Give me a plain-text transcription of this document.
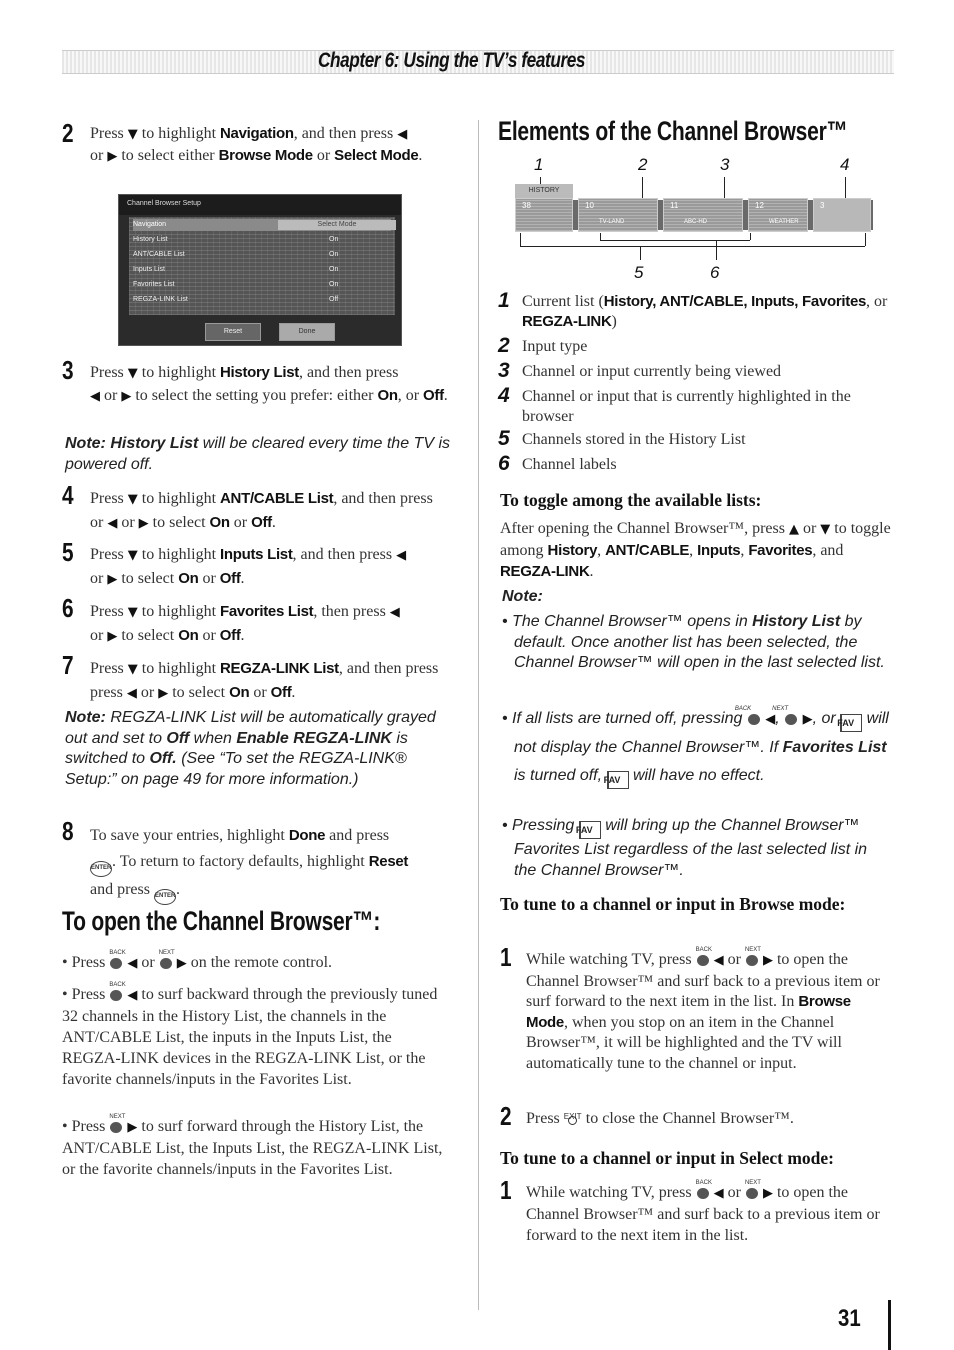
Chapter 6: Using the TV’s features
2 Press ▼ to highlight Navigation, and then press ◀
or ▶ to select either Browse Mode or Select Mode.
3 Press ▼ to highlight History List, and then press
◀ or ▶ to select the setting you prefer: either On, or Off.
Note: History List will be cleared every time the TV is powered off.
4 Press ▼ to highlight ANT/CABLE List, and then press
or ◀ or ▶ to select On or Off.
5 Press ▼ to highlight Inputs List, and then press ◀
or ▶ to select On or Off.
6 Press ▼ to highlight Favorites List, then press ◀
or ▶ to select On or Off.
7 Press ▼ to highlight REGZA-LINK List, and then press
press ◀ or ▶ to select On or Off.
Note: REGZA-LINK List will be automatically grayed out and set to Off when Enable REGZA-LINK is switched to Off. (See “To set the REGZA-LINK® Setup:” on page 49 for more information.)
8 To save your entries, highlight Done and press
ENTER. To return to factory defaults, highlight Reset
and press ENTER.
To open the Channel Browser™:
• Press
BACK
◀ or
NEXT
▶ on the remote control.
• Press
BACK
◀ to surf backward through the previously tuned 32 channels in the History List, the channels in the ANT/CABLE List, the inputs in the Inputs List, the REGZA-LINK devices in the REGZA-LINK List, or the favorite channels/inputs in the Favorites List.
• Press
NEXT
▶ to surf forward through the History List, the ANT/CABLE List, the Inputs List, the REGZA-LINK List, or the favorite channels/inputs in the Favorites List.
Channel Browser Setup
Navigation	Select Mode
History List	On
ANT/CABLE List	On
Inputs List	On
Favorites List	On
REGZA-LINK List	Off
Reset	Done
Elements of the Channel Browser™
1 Current list (History, ANT/CABLE, Inputs, Favorites, or REGZA-LINK)
2 Input type
3 Channel or input currently being viewed
4 Channel or input that is currently highlighted in the browser
5 Channels stored in the History List
6 Channel labels
To toggle among the available lists:
After opening the Channel Browser™, press ▲ or ▼ to toggle among History, ANT/CABLE, Inputs, Favorites, and REGZA-LINK.
Note:
• The Channel Browser™ opens in History List by default. Once another list has been selected, the Channel Browser™ will open in the last selected list.
• If all lists are turned off, pressing
BACK
◀,
NEXT
▶, or FAV will not display the Channel Browser™. If Favorites List is turned off, FAV will have no effect.
• Pressing FAV will bring up the Channel Browser™ Favorites List regardless of the last selected list in the Channel Browser™.
To tune to a channel or input in Browse mode:
1 While watching TV, press
BACK
◀ or
NEXT
▶ to open the Channel Browser™ and surf back to a previous item or surf forward to the next item in the list. In Browse Mode, when you stop on an item in the Channel Browser™, it will be highlighted and the TV will automatically tune to the channel or input.
2 Press EXIT to close the Channel Browser™.
To tune to a channel or input in Select mode:
1 While watching TV, press
BACK
◀ or
NEXT
▶ to open the Channel Browser™ and surf back to a previous item or forward to the next item in the list.
1	2	3	4
HISTORY
38	10
TV-LAND
11
ABC-HD
12
WEATHER
3
5	6
31
